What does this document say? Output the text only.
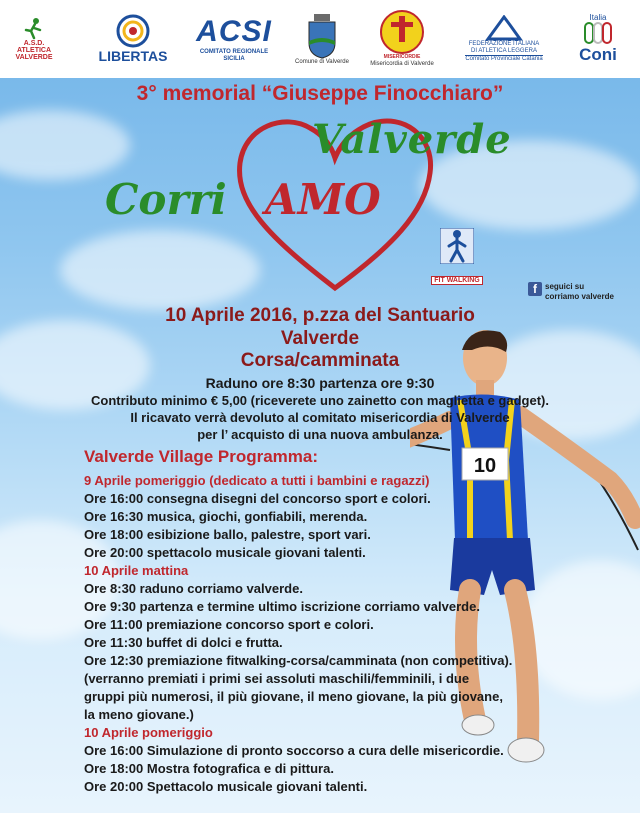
A.S.D.
ATLETICA
VALVERDE	LIBERTAS
ACSI
COMITATO REGIONALE
SICILIA	Comune di Valverde
MISERICORDIE
Misericordia di Valverde
FEDERAZIONE ITALIANA
DI ATLETICA LEGGERA
Comitato Provinciale Catania
Italia
Coni
3° memorial “Giuseppe Finocchiaro”
Valverde
Corri AMO
FIT WALKING
f	seguici su
corriamo valverde
10
10 Aprile 2016, p.zza del Santuario
Valverde
Corsa/camminata
Raduno ore 8:30 partenza ore 9:30
Contributo minimo € 5,00 (riceverete uno zainetto con maglietta e gadget).
Il ricavato verrà devoluto al comitato misericordia di Valverde
per l’ acquisto di una nuova ambulanza.
Valverde Village Programma:
9 Aprile pomeriggio (dedicato a tutti i bambini e ragazzi)
Ore 16:00 consegna disegni del concorso sport e colori.
Ore 16:30 musica, giochi, gonfiabili, merenda.
Ore 18:00 esibizione ballo, palestre, sport vari.
Ore 20:00 spettacolo musicale giovani talenti.
10 Aprile mattina
Ore 8:30 raduno corriamo valverde.
Ore 9:30 partenza e termine ultimo iscrizione corriamo valverde.
Ore 11:00 premiazione concorso sport e colori.
Ore 11:30 buffet di dolci e frutta.
Ore 12:30 premiazione fitwalking-corsa/camminata (non competitiva).
(verranno premiati i primi sei assoluti maschili/femminili, i due
gruppi più numerosi, il più giovane, il meno giovane, la più giovane,
la meno giovane.)
10 Aprile pomeriggio
Ore 16:00 Simulazione di pronto soccorso a cura delle misericordie.
Ore 18:00 Mostra fotografica e di pittura.
Ore 20:00 Spettacolo musicale giovani talenti.
